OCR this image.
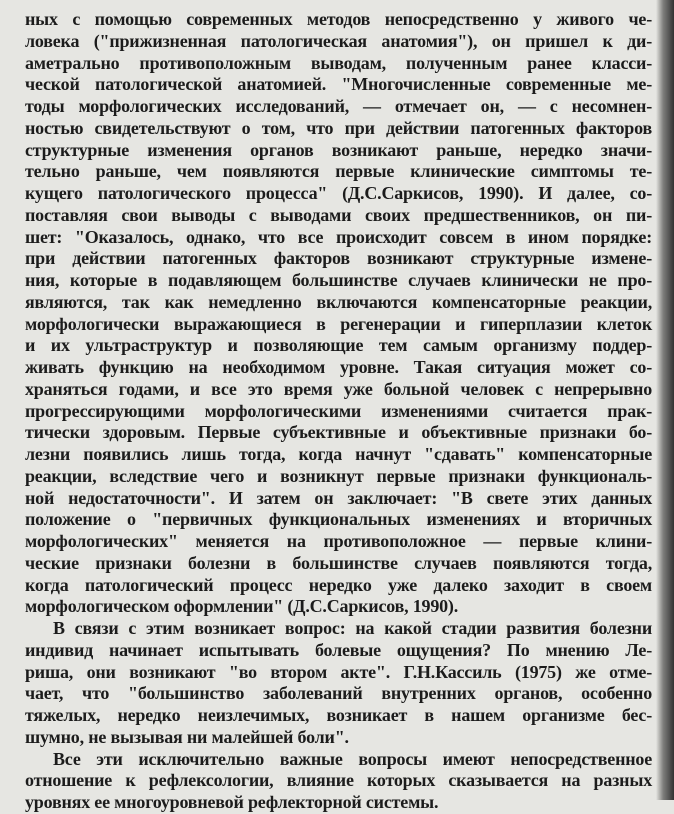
ных с помощью современных методов непосредственно у живого че-
ловека ("прижизненная патологическая анатомия"), он пришел к ди-
аметрально противоположным выводам, полученным ранее класси-
ческой патологической анатомией. "Многочисленные современные ме-
тоды морфологических исследований, — отмечает он, — с несомнен-
ностью свидетельствуют о том, что при действии патогенных факторов
структурные изменения органов возникают раньше, нередко значи-
тельно раньше, чем появляются первые клинические симптомы те-
кущего патологического процесса" (Д.С.Саркисов, 1990). И далее, со-
поставляя свои выводы с выводами своих предшественников, он пи-
шет: "Оказалось, однако, что все происходит совсем в ином порядке:
при действии патогенных факторов возникают структурные измене-
ния, которые в подавляющем большинстве случаев клинически не про-
являются, так как немедленно включаются компенсаторные реакции,
морфологически выражающиеся в регенерации и гиперплазии клеток
и их ультраструктур и позволяющие тем самым организму поддер-
живать функцию на необходимом уровне. Такая ситуация может со-
храняться годами, и все это время уже больной человек с непрерывно
прогрессирующими морфологическими изменениями считается прак-
тически здоровым. Первые субъективные и объективные признаки бо-
лезни появились лишь тогда, когда начнут "сдавать" компенсаторные
реакции, вследствие чего и возникнут первые признаки функциональ-
ной недостаточности". И затем он заключает: "В свете этих данных
положение о "первичных функциональных изменениях и вторичных
морфологических" меняется на противоположное — первые клини-
ческие признаки болезни в большинстве случаев появляются тогда,
когда патологический процесс нередко уже далеко заходит в своем
морфологическом оформлении" (Д.С.Саркисов, 1990).
В связи с этим возникает вопрос: на какой стадии развития болезни
индивид начинает испытывать болевые ощущения? По мнению Ле-
риша, они возникают "во втором акте". Г.Н.Кассиль (1975) же отме-
чает, что "большинство заболеваний внутренних органов, особенно
тяжелых, нередко неизлечимых, возникает в нашем организме бес-
шумно, не вызывая ни малейшей боли".
Все эти исключительно важные вопросы имеют непосредственное
отношение к рефлексологии, влияние которых сказывается на разных
уровнях ее многоуровневой рефлекторной системы.
